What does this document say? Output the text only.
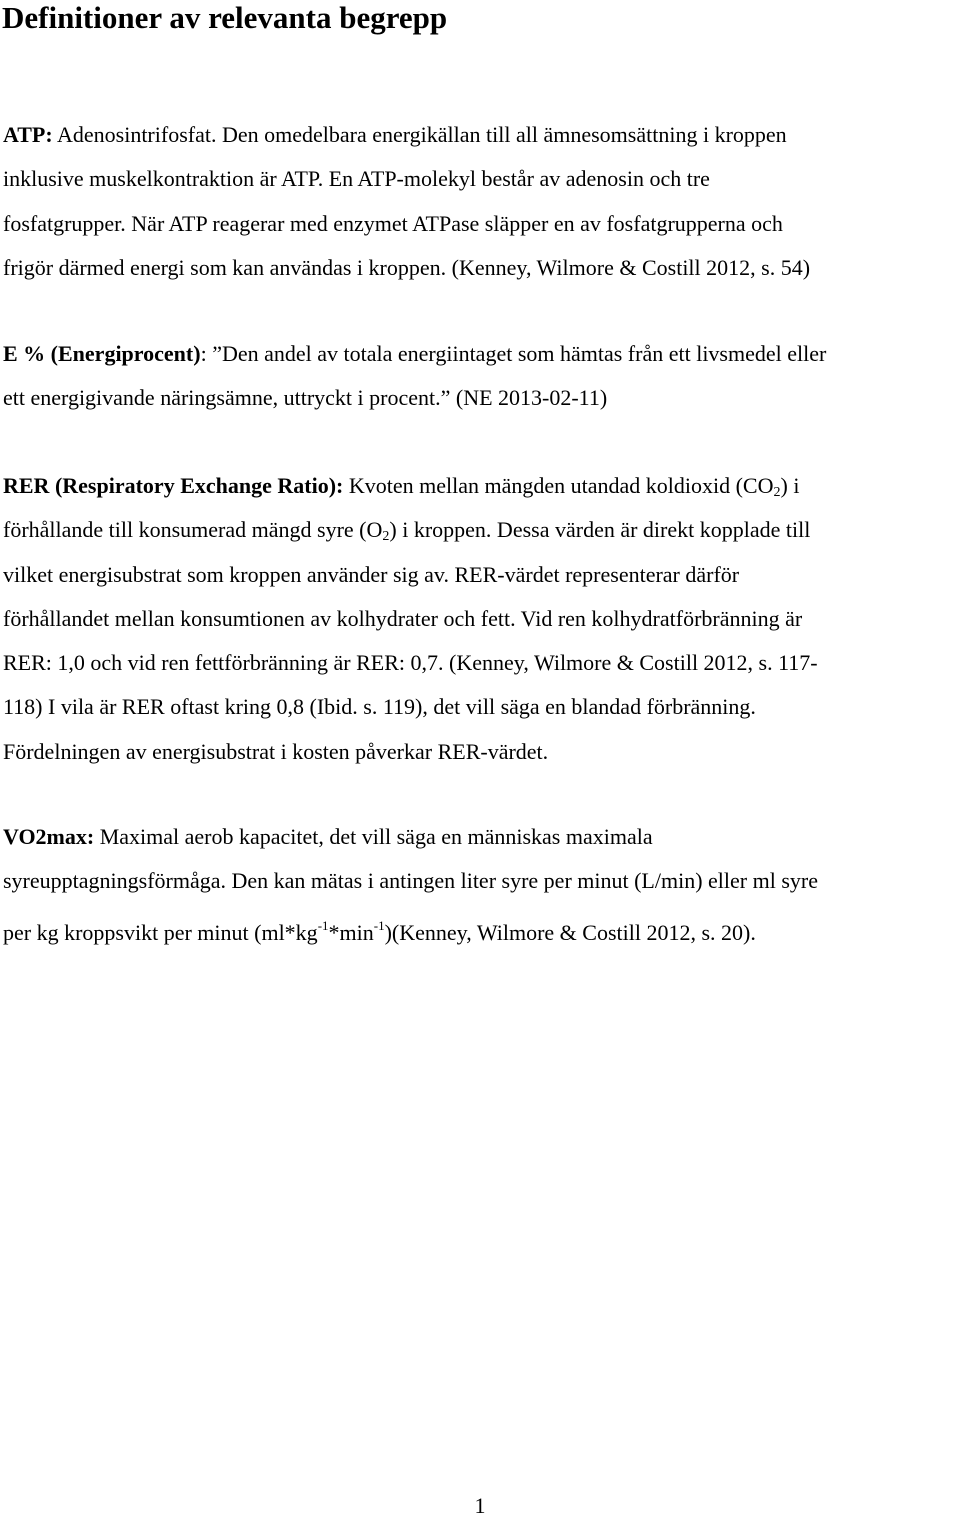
Definitioner av relevanta begrepp
ATP: Adenosintrifosfat. Den omedelbara energikällan till all ämnesomsättning i kroppen
inklusive muskelkontraktion är ATP. En ATP-molekyl består av adenosin och tre
fosfatgrupper. När ATP reagerar med enzymet ATPase släpper en av fosfatgrupperna och
frigör därmed energi som kan användas i kroppen. (Kenney, Wilmore & Costill 2012, s. 54)
E % (Energiprocent): ”Den andel av totala energiintaget som hämtas från ett livsmedel eller
ett energigivande näringsämne, uttryckt i procent.” (NE 2013-02-11)
RER (Respiratory Exchange Ratio): Kvoten mellan mängden utandad koldioxid $(CO_2)$ i
förhållande till konsumerad mängd syre $(O_2)$ i kroppen. Dessa värden är direkt kopplade till
vilket energisubstrat som kroppen använder sig av. RER-värdet representerar därför
förhållandet mellan konsumtionen av kolhydrater och fett. Vid ren kolhydratförbränning är
RER: 1,0 och vid ren fettförbränning är RER: 0,7. (Kenney, Wilmore & Costill 2012, s. 117-
118) I vila är RER oftast kring 0,8 (Ibid. s. 119), det vill säga en blandad förbränning.
Fördelningen av energisubstrat i kosten påverkar RER-värdet.
VO2max: Maximal aerob kapacitet, det vill säga en människas maximala
syreupptagningsförmåga. Den kan mätas i antingen liter syre per minut (L/min) eller ml syre
per kg kroppsvikt per minut $(ml*kg^{-1}*\min^{-1})(Kenney$, Wilmore & Costill 2012, s. 20).
1
